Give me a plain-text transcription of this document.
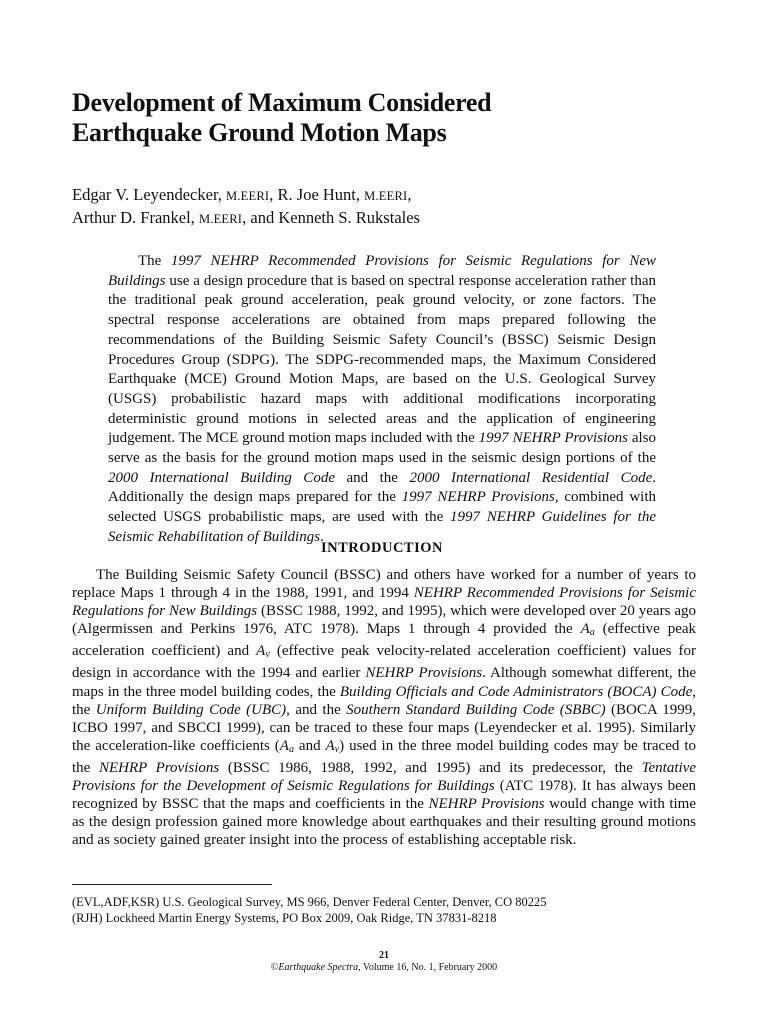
Development of Maximum Considered
Earthquake Ground Motion Maps
Edgar V. Leyendecker, M.EERI, R. Joe Hunt, M.EERI,
Arthur D. Frankel, M.EERI, and Kenneth S. Rukstales

The 1997 NEHRP Recommended Provisions for Seismic Regulations for New Buildings use a design procedure that is based on spectral response acceleration rather than the traditional peak ground acceleration, peak ground velocity, or zone factors. The spectral response accelerations are obtained from maps prepared following the recommendations of the Building Seismic Safety Council’s (BSSC) Seismic Design Procedures Group (SDPG). The SDPG-recommended maps, the Maximum Considered Earthquake (MCE) Ground Motion Maps, are based on the U.S. Geological Survey (USGS) probabilistic hazard maps with additional modifications incorporating deterministic ground motions in selected areas and the application of engineering judgement. The MCE ground motion maps included with the 1997 NEHRP Provisions also serve as the basis for the ground motion maps used in the seismic design portions of the 2000 International Building Code and the 2000 International Residential Code. Additionally the design maps prepared for the 1997 NEHRP Provisions, combined with selected USGS probabilistic maps, are used with the 1997 NEHRP Guidelines for the Seismic Rehabilitation of Buildings.

INTRODUCTION

The Building Seismic Safety Council (BSSC) and others have worked for a number of years to replace Maps 1 through 4 in the 1988, 1991, and 1994 NEHRP Recommended Provisions for Seismic Regulations for New Buildings (BSSC 1988, 1992, and 1995), which were developed over 20 years ago (Algermissen and Perkins 1976, ATC 1978). Maps 1 through 4 provided the $A_a$ (effective peak acceleration coefficient) and $A_v$ (effective peak velocity-related acceleration coefficient) values for design in accordance with the 1994 and earlier NEHRP Provisions. Although somewhat different, the maps in the three model building codes, the Building Officials and Code Administrators (BOCA) Code, the Uniform Building Code (UBC), and the Southern Standard Building Code (SBBC) (BOCA 1999, ICBO 1997, and SBCCI 1999), can be traced to these four maps (Leyendecker et al. 1995). Similarly the acceleration-like coefficients ($A_a$ and $A_v$) used in the three model building codes may be traced to the NEHRP Provisions (BSSC 1986, 1988, 1992, and 1995) and its predecessor, the Tentative Provisions for the Development of Seismic Regulations for Buildings (ATC 1978). It has always been recognized by BSSC that the maps and coefficients in the NEHRP Provisions would change with time as the design profession gained more knowledge about earthquakes and their resulting ground motions and as society gained greater insight into the process of establishing acceptable risk.

(EVL,ADF,KSR) U.S. Geological Survey, MS 966, Denver Federal Center, Denver, CO 80225
(RJH) Lockheed Martin Energy Systems, PO Box 2009, Oak Ridge, TN 37831-8218
21
©Earthquake Spectra, Volume 16, No. 1, February 2000
